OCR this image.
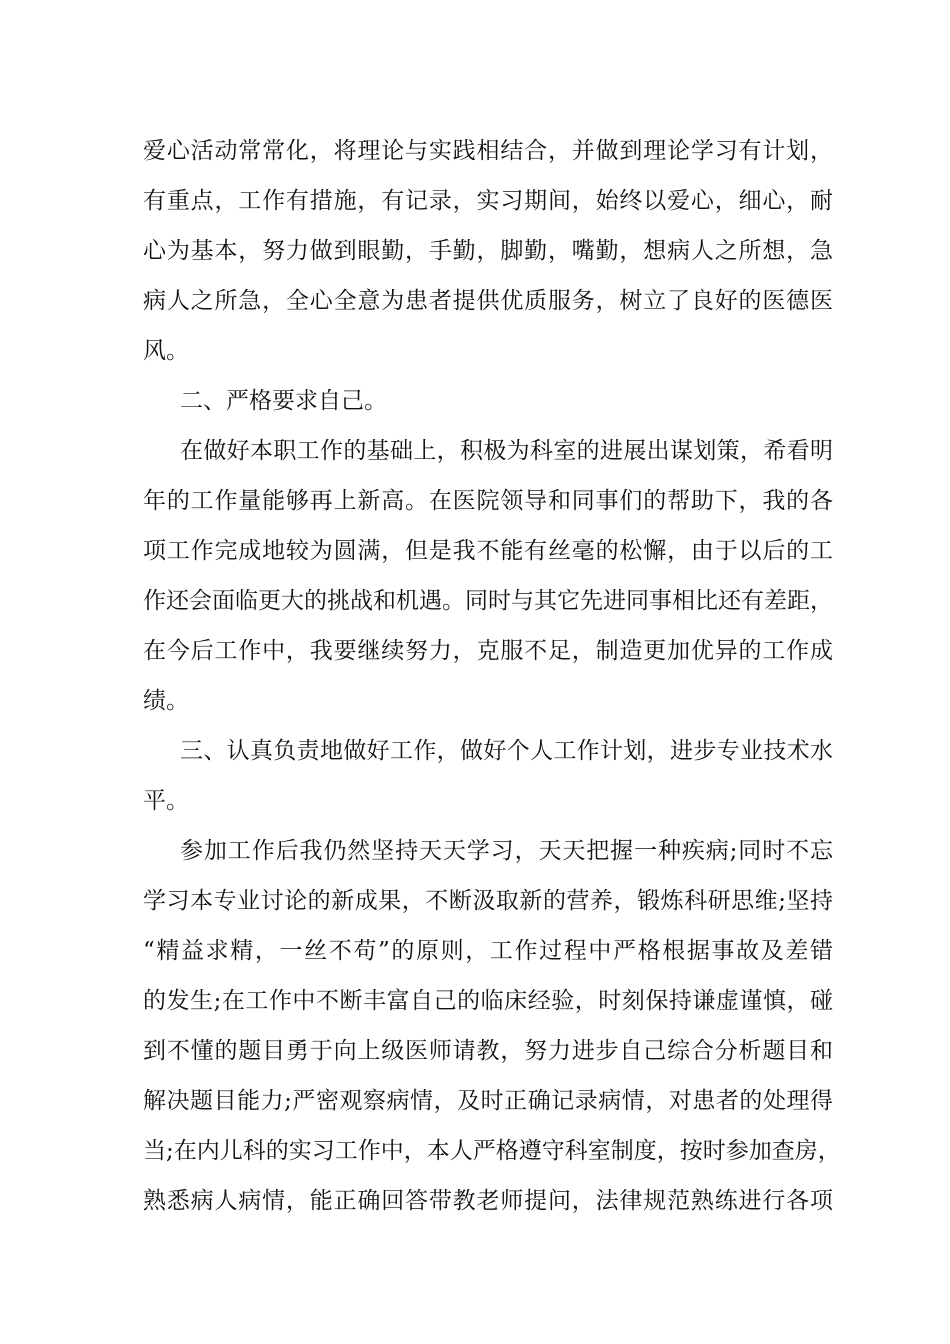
爱心活动常常化，将理论与实践相结合，并做到理论学习有计划，

有重点，工作有措施，有记录，实习期间，始终以爱心，细心，耐

心为基本，努力做到眼勤，手勤，脚勤，嘴勤，想病人之所想，急

病人之所急，全心全意为患者提供优质服务，树立了良好的医德医

风。

二、严格要求自己。

在做好本职工作的基础上，积极为科室的进展出谋划策，希看明

年的工作量能够再上新高。在医院领导和同事们的帮助下，我的各

项工作完成地较为圆满，但是我不能有丝毫的松懈，由于以后的工

作还会面临更大的挑战和机遇。同时与其它先进同事相比还有差距，

在今后工作中，我要继续努力，克服不足，制造更加优异的工作成

绩。

三、认真负责地做好工作，做好个人工作计划，进步专业技术水

平。

参加工作后我仍然坚持天天学习，天天把握一种疾病;同时不忘

学习本专业讨论的新成果，不断汲取新的营养，锻炼科研思维;坚持

“精益求精，一丝不苟”的原则，工作过程中严格根据事故及差错

的发生;在工作中不断丰富自己的临床经验，时刻保持谦虚谨慎，碰

到不懂的题目勇于向上级医师请教，努力进步自己综合分析题目和

解决题目能力;严密观察病情，及时正确记录病情，对患者的处理得

当;在内儿科的实习工作中，本人严格遵守科室制度，按时参加查房，

熟悉病人病情，能正确回答带教老师提问，法律规范熟练进行各项
